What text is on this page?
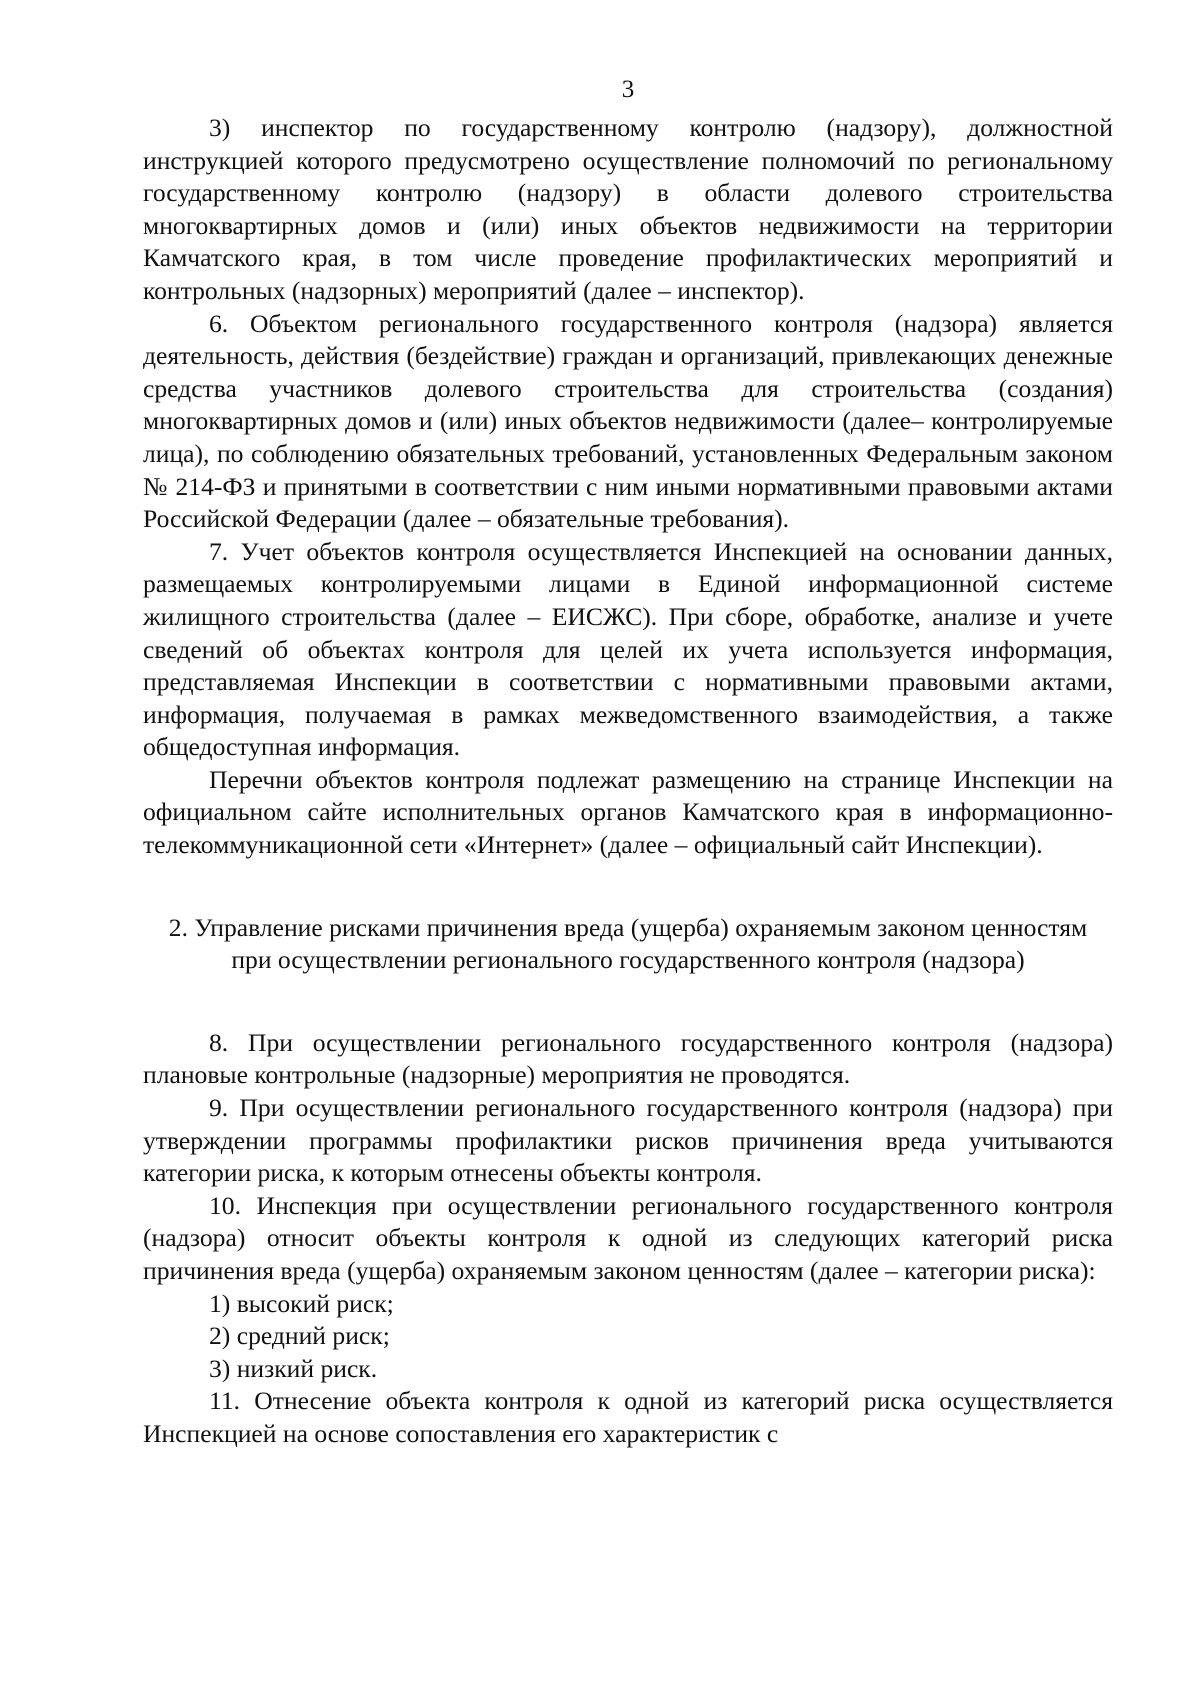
3

3) инспектор по государственному контролю (надзору), должностной инструкцией которого предусмотрено осуществление полномочий по региональному государственному контролю (надзору) в области долевого строительства многоквартирных домов и (или) иных объектов недвижимости на территории Камчатского края, в том числе проведение профилактических мероприятий и контрольных (надзорных) мероприятий (далее – инспектор).

6. Объектом регионального государственного контроля (надзора) является деятельность, действия (бездействие) граждан и организаций, привлекающих денежные средства участников долевого строительства для строительства (создания) многоквартирных домов и (или) иных объектов недвижимости (далее– контролируемые лица), по соблюдению обязательных требований, установленных Федеральным законом № 214-ФЗ и принятыми в соответствии с ним иными нормативными правовыми актами Российской Федерации (далее – обязательные требования).

7. Учет объектов контроля осуществляется Инспекцией на основании данных, размещаемых контролируемыми лицами в Единой информационной системе жилищного строительства (далее – ЕИСЖС). При сборе, обработке, анализе и учете сведений об объектах контроля для целей их учета используется информация, представляемая Инспекции в соответствии с нормативными правовыми актами, информация, получаемая в рамках межведомственного взаимодействия, а также общедоступная информация.

Перечни объектов контроля подлежат размещению на странице Инспекции на официальном сайте исполнительных органов Камчатского края в информационно-телекоммуникационной сети «Интернет» (далее – официальный сайт Инспекции).

2. Управление рисками причинения вреда (ущерба) охраняемым законом ценностям при осуществлении регионального государственного контроля (надзора)

8. При осуществлении регионального государственного контроля (надзора) плановые контрольные (надзорные) мероприятия не проводятся.

9. При осуществлении регионального государственного контроля (надзора) при утверждении программы профилактики рисков причинения вреда учитываются категории риска, к которым отнесены объекты контроля.

10. Инспекция при осуществлении регионального государственного контроля (надзора) относит объекты контроля к одной из следующих категорий риска причинения вреда (ущерба) охраняемым законом ценностям (далее – категории риска):

1) высокий риск;

2) средний риск;

3) низкий риск.

11. Отнесение объекта контроля к одной из категорий риска осуществляется Инспекцией на основе сопоставления его характеристик с
